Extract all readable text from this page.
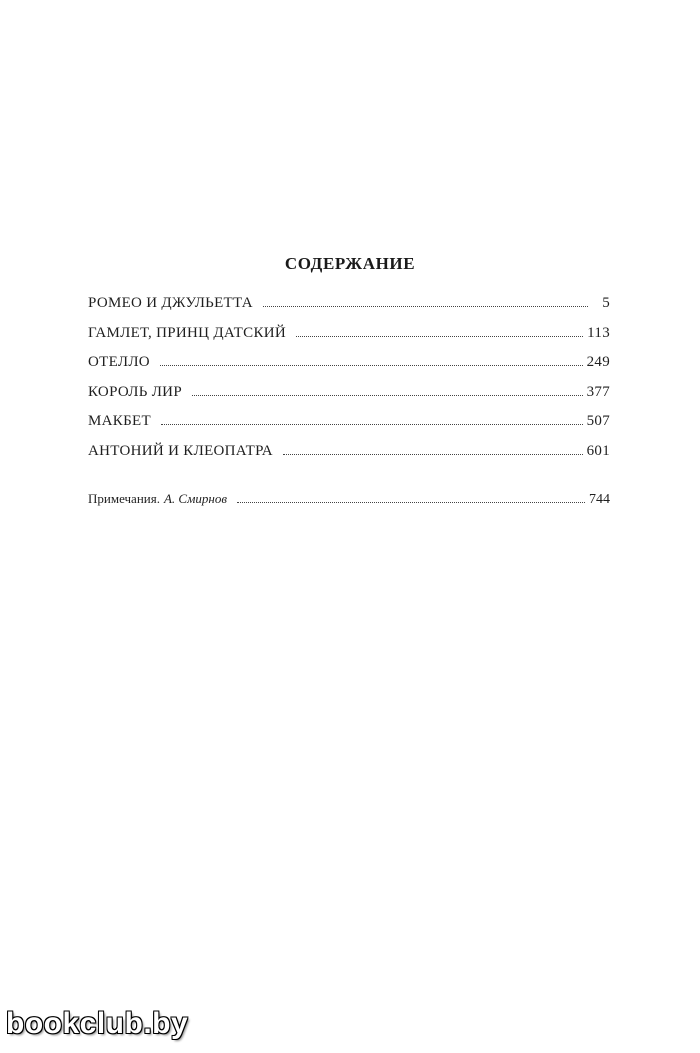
СОДЕРЖАНИЕ
РОМЕО И ДЖУЛЬЕТТА	5
ГАМЛЕТ, ПРИНЦ ДАТСКИЙ	113
ОТЕЛЛО	249
КОРОЛЬ ЛИР	377
МАКБЕТ	507
АНТОНИЙ И КЛЕОПАТРА	601
Примечания. А. Смирнов	744
bookclub.by
